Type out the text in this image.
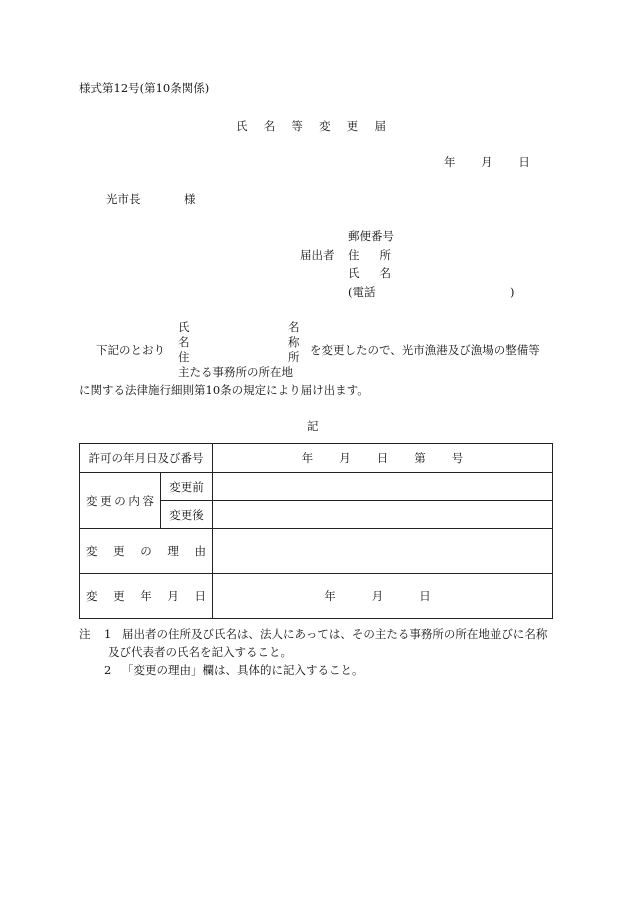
様式第12号(第10条関係)
氏 名 等 変 更 届
年 月 日
光市長	様
郵便番号
届出者 住 所
氏 名
(電話	)
下記のとおり
氏
名
住
名
称
所
主たる事務所の所在地
を変更したので、光市漁港及び漁場の整備等
に関する法律施行細則第10条の規定により届け出ます。
記
許可の年月日及び番号		年 月 日 第 号

変 更 の 内 容	変更前	
	変更後	

変 更 の 理 由		

変 更 年 月 日		年 月 日
注 1 届出者の住所及び氏名は、法人にあっては、その主たる事務所の所在地並びに名称
及び代表者の氏名を記入すること。
2 「変更の理由」欄は、具体的に記入すること。
